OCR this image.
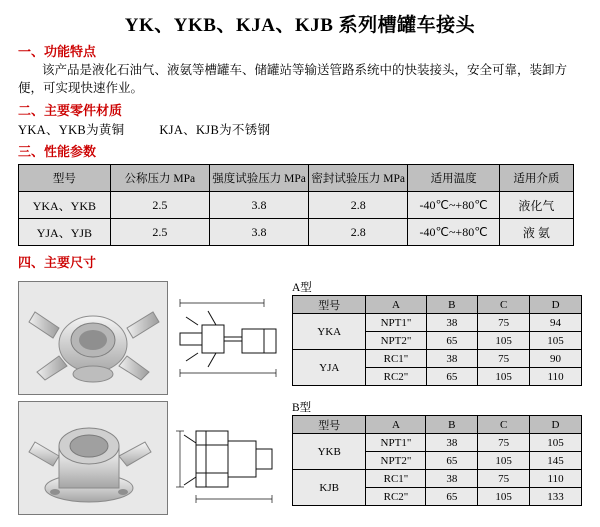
YK、YKB、KJA、KJB 系列槽罐车接头
一、功能特点
该产品是液化石油气、液氨等槽罐车、储罐站等输送管路系统中的快装接头，安全可靠，装卸方便，可实现快速作业。
二、主要零件材质
YKA、YKB为黄铜	KJA、KJB为不锈钢
三、性能参数
型号	公称压力 MPa	强度试验压力 MPa	密封试验压力 MPa	适用温度	适用介质
YKA、YKB	2.5	3.8	2.8	-40℃~+80℃	液化气
YJA、YJB	2.5	3.8	2.8	-40℃~+80℃	液 氨
四、主要尺寸
A型
型号	A	B	C	D
YKA	NPT1"	38	75	94
	NPT2"	65	105	105
YJA	RC1"	38	75	90
	RC2"	65	105	110
B型
型号	A	B	C	D
YKB	NPT1"	38	75	105
	NPT2"	65	105	145
KJB	RC1"	38	75	110
	RC2"	65	105	133
